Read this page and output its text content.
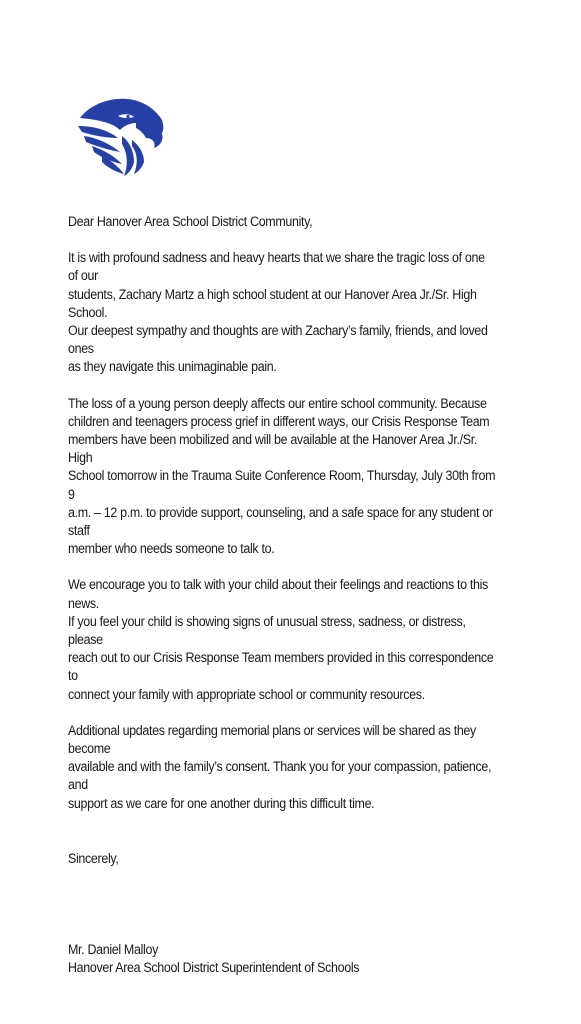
Dear Hanover Area School District Community,

It is with profound sadness and heavy hearts that we share the tragic loss of one of our
students, Zachary Martz a high school student at our Hanover Area Jr./Sr. High School.
Our deepest sympathy and thoughts are with Zachary’s family, friends, and loved ones
as they navigate this unimaginable pain.

The loss of a young person deeply affects our entire school community. Because
children and teenagers process grief in different ways, our Crisis Response Team
members have been mobilized and will be available at the Hanover Area Jr./Sr. High
School tomorrow in the Trauma Suite Conference Room, Thursday, July 30th from 9
a.m. – 12 p.m. to provide support, counseling, and a safe space for any student or staff
member who needs someone to talk to.

We encourage you to talk with your child about their feelings and reactions to this news.
If you feel your child is showing signs of unusual stress, sadness, or distress, please
reach out to our Crisis Response Team members provided in this correspondence to
connect your family with appropriate school or community resources.

Additional updates regarding memorial plans or services will be shared as they become
available and with the family’s consent. Thank you for your compassion, patience, and
support as we care for one another during this difficult time.

Sincerely,

Mr. Daniel Malloy

Hanover Area School District Superintendent of Schools
